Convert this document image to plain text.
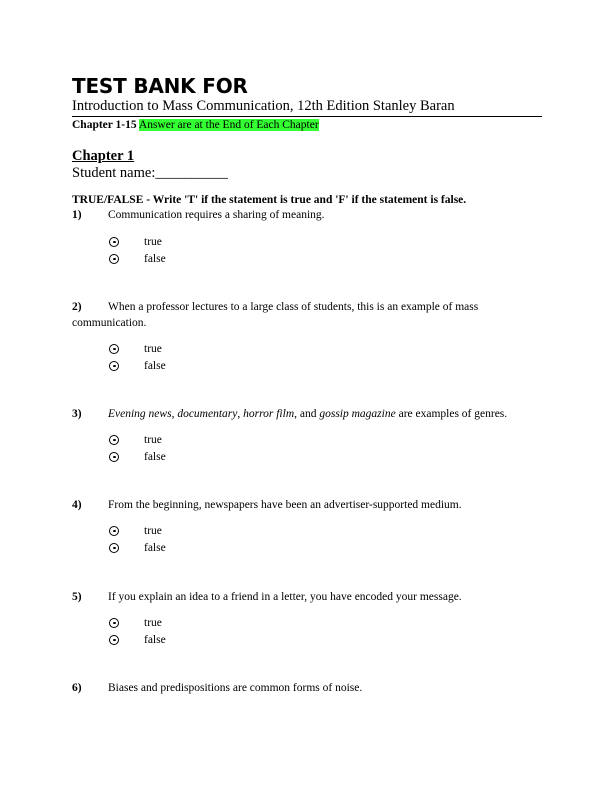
TEST BANK FOR
Introduction to Mass Communication, 12th Edition Stanley Baran
Chapter 1-15 Answer are at the End of Each Chapter
Chapter 1
Student name:__________
TRUE/FALSE - Write 'T' if the statement is true and 'F' if the statement is false.
1) Communication requires a sharing of meaning.
true
false
2) When a professor lectures to a large class of students, this is an example of mass communication.
true
false
3) Evening news, documentary, horror film, and gossip magazine are examples of genres.
true
false
4) From the beginning, newspapers have been an advertiser-supported medium.
true
false
5) If you explain an idea to a friend in a letter, you have encoded your message.
true
false
6) Biases and predispositions are common forms of noise.
